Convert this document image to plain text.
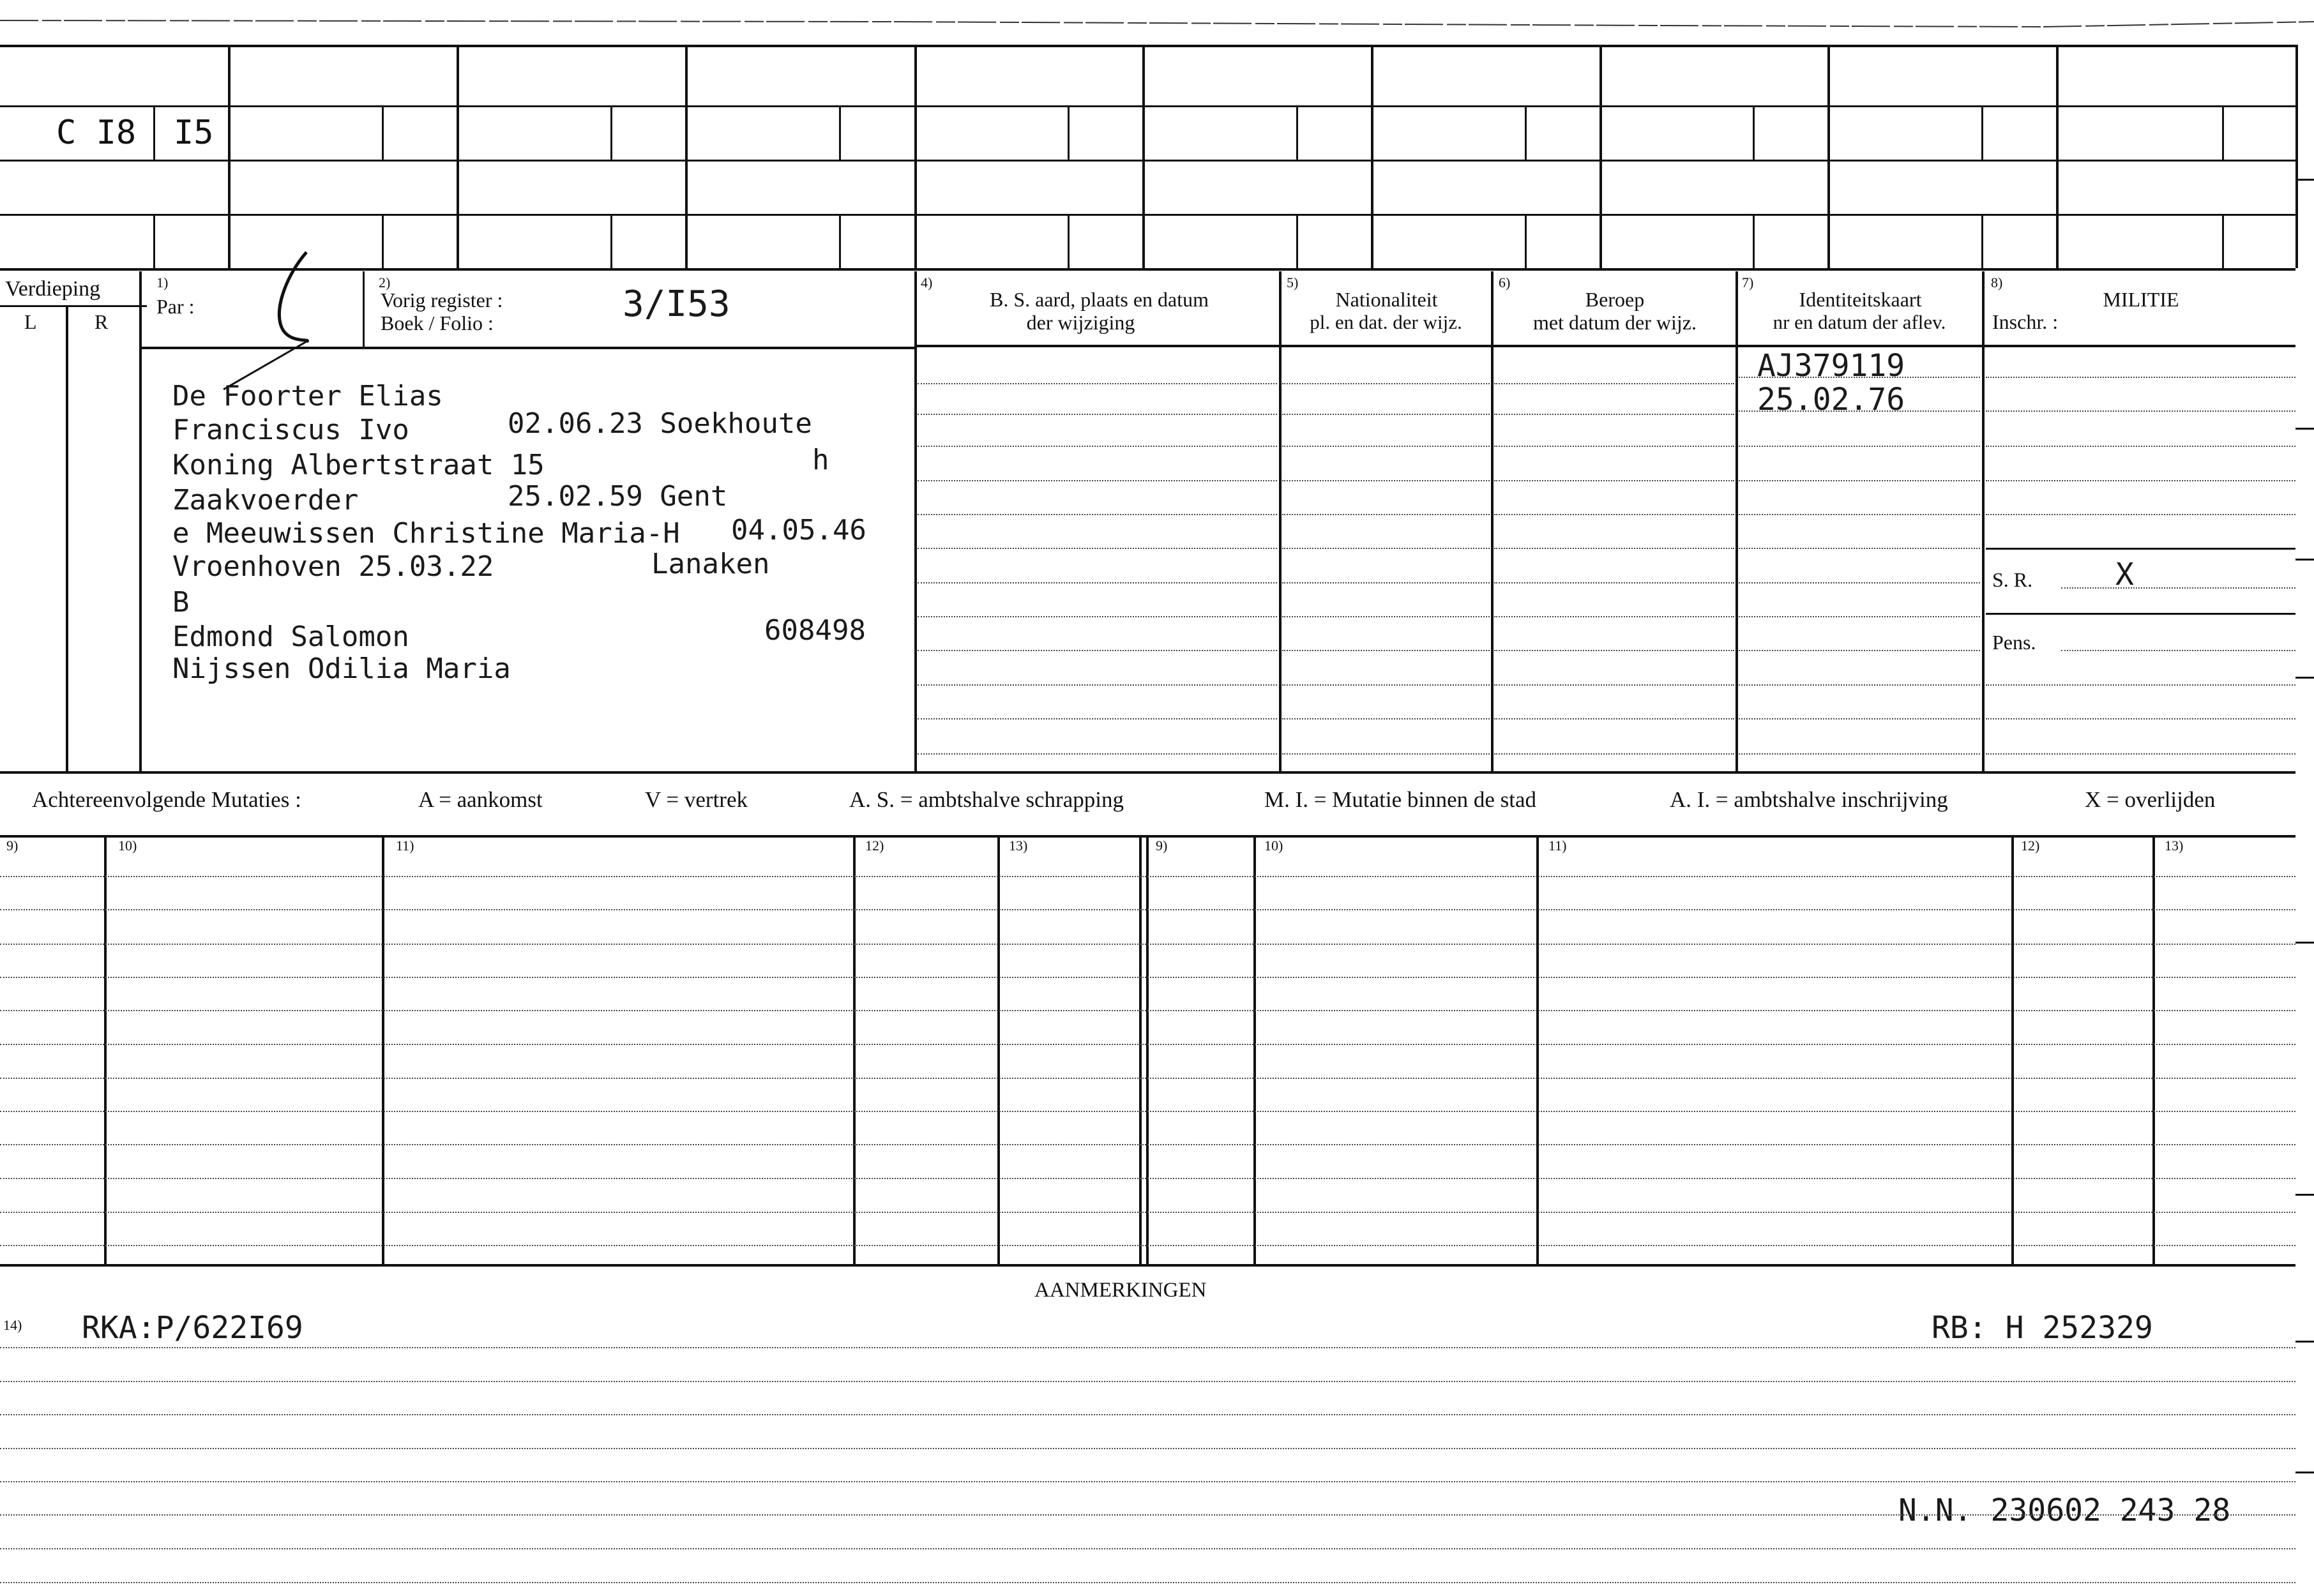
C I8 I5
Verdieping
L	R
1)
Par :
2)
Vorig register :
Boek / Folio :	3/I53
4)
B. S. aard, plaats en datum
der wijziging
5)
Nationaliteit
pl. en dat. der wijz.
6)
Beroep
met datum der wijz.
7)
Identiteitskaart
nr en datum der aflev.
8)
MILITIE
Inschr. :
S. R.	X
Pens.
AJ379119
25.02.76
De Foorter Elias
Franciscus Ivo	02.06.23 Soekhoute
Koning Albertstraat 15	h
Zaakvoerder	25.02.59 Gent
e Meeuwissen Christine Maria-H 04.05.46
Vroenhoven 25.03.22	Lanaken
B
Edmond Salomon	608498
Nijssen Odilia Maria
Achtereenvolgende Mutaties :	A = aankomst	V = vertrek	A. S. = ambtshalve schrapping	M. I. = Mutatie binnen de stad	A. I. = ambtshalve inschrijving	X = overlijden
9)	10)	11)	12)	13)	9)	10)	11)	12)	13)
AANMERKINGEN
14) RKA:P/622I69	RB: H 252329
N.N. 230602 243 28
